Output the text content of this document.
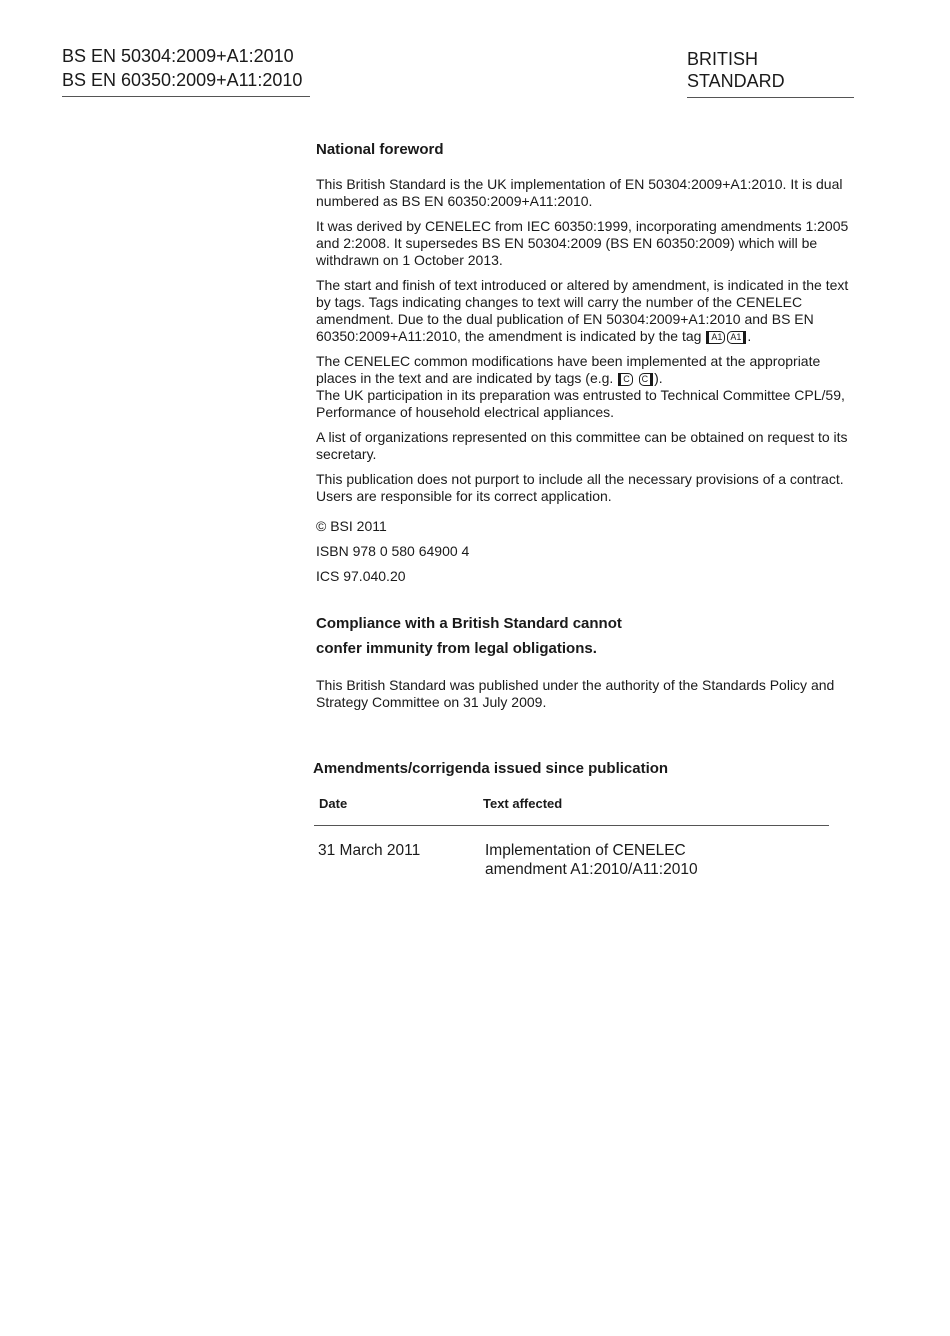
BS EN 50304:2009+A1:2010
BS EN 60350:2009+A11:2010
BRITISH STANDARD
National foreword

This British Standard is the UK implementation of EN 50304:2009+A1:2010. It is dual numbered as BS EN 60350:2009+A11:2010.

It was derived by CENELEC from IEC 60350:1999, incorporating amendments 1:2005 and 2:2008. It supersedes BS EN 50304:2009 (BS EN 60350:2009) which will be withdrawn on 1 October 2013.

The start and finish of text introduced or altered by amendment, is indicated in the text by tags. Tags indicating changes to text will carry the number of the CENELEC amendment. Due to the dual publication of EN 50304:2009+A1:2010 and BS EN 60350:2009+A11:2010, the amendment is indicated by the tag A1 A1 .

The CENELEC common modifications have been implemented at the appropriate places in the text and are indicated by tags (e.g. C C ).

The UK participation in its preparation was entrusted to Technical Committee CPL/59, Performance of household electrical appliances.

A list of organizations represented on this committee can be obtained on request to its secretary.

This publication does not purport to include all the necessary provisions of a contract. Users are responsible for its correct application.

© BSI 2011
ISBN 978 0 580 64900 4
ICS 97.040.20
Compliance with a British Standard cannot
confer immunity from legal obligations.

This British Standard was published under the authority of the Standards Policy and Strategy Committee on 31 July 2009.

Amendments/corrigenda issued since publication
Date	Text affected
31 March 2011	Implementation of CENELEC
amendment A1:2010/A11:2010
